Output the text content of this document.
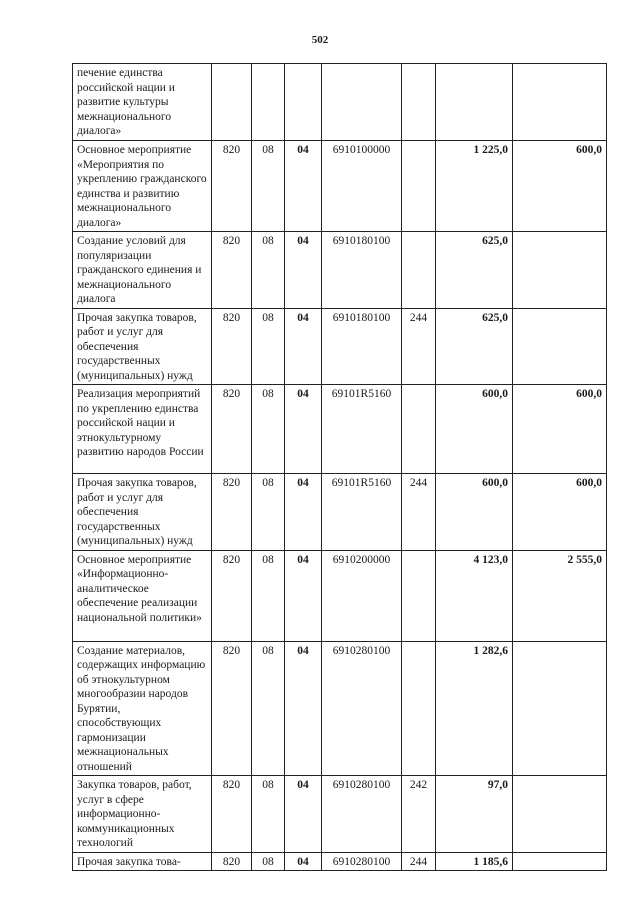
502
печение единства российской нации и развитие культуры межнационального диалога»							
Основное мероприятие «Мероприятия по укреплению гражданского единства и развитию межнационального диалога»	820	08	04	6910100000		1 225,0	600,0
Создание условий для популяризации гражданского единения и межнационального диалога	820	08	04	6910180100		625,0	
Прочая закупка товаров, работ и услуг для обеспечения государственных (муниципальных) нужд	820	08	04	6910180100	244	625,0	
Реализация мероприятий по укреплению единства российской нации и этнокультурному развитию народов России	820	08	04	69101R5160		600,0	600,0
Прочая закупка товаров, работ и услуг для обеспечения государственных (муниципальных) нужд	820	08	04	69101R5160	244	600,0	600,0
Основное мероприятие «Информационно-аналитическое обеспечение реализации национальной политики»	820	08	04	6910200000		4 123,0	2 555,0
Создание материалов, содержащих информацию об этнокультурном многообразии народов Бурятии, способствующих гармонизации межнациональных отношений	820	08	04	6910280100		1 282,6	
Закупка товаров, работ, услуг в сфере информационно-коммуникационных технологий	820	08	04	6910280100	242	97,0	
Прочая закупка това-	820	08	04	6910280100	244	1 185,6	
